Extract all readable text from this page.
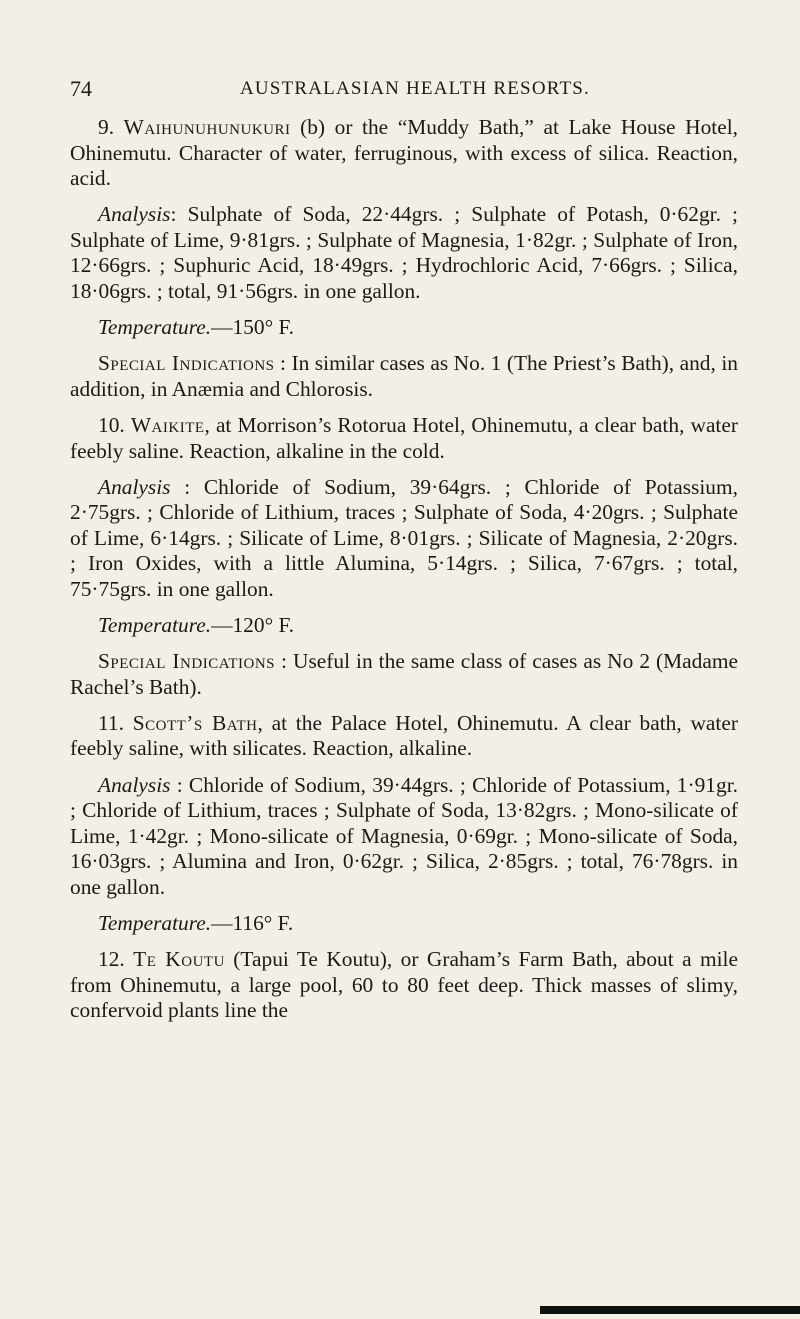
74	AUSTRALASIAN HEALTH RESORTS.

9. Waihunuhunukuri (b) or the “Muddy Bath,” at Lake House Hotel, Ohinemutu. Character of water, ferruginous, with excess of silica. Reaction, acid.

Analysis: Sulphate of Soda, 22·44grs. ; Sulphate of Potash, 0·62gr. ; Sulphate of Lime, 9·81grs. ; Sulphate of Magnesia, 1·82gr. ; Sulphate of Iron, 12·66grs. ; Suphuric Acid, 18·49grs. ; Hydrochloric Acid, 7·66grs. ; Silica, 18·06grs. ; total, 91·56grs. in one gallon.

Temperature.—150° F.

Special Indications : In similar cases as No. 1 (The Priest’s Bath), and, in addition, in Anæmia and Chlorosis.

10. Waikite, at Morrison’s Rotorua Hotel, Ohinemutu, a clear bath, water feebly saline. Reaction, alkaline in the cold.

Analysis : Chloride of Sodium, 39·64grs. ; Chloride of Potassium, 2·75grs. ; Chloride of Lithium, traces ; Sulphate of Soda, 4·20grs. ; Sulphate of Lime, 6·14grs. ; Silicate of Lime, 8·01grs. ; Silicate of Magnesia, 2·20grs. ; Iron Oxides, with a little Alumina, 5·14grs. ; Silica, 7·67grs. ; total, 75·75grs. in one gallon.

Temperature.—120° F.

Special Indications : Useful in the same class of cases as No 2 (Madame Rachel’s Bath).

11. Scott’s Bath, at the Palace Hotel, Ohinemutu. A clear bath, water feebly saline, with silicates. Reaction, alkaline.

Analysis : Chloride of Sodium, 39·44grs. ; Chloride of Potassium, 1·91gr. ; Chloride of Lithium, traces ; Sulphate of Soda, 13·82grs. ; Mono-silicate of Lime, 1·42gr. ; Mono-silicate of Magnesia, 0·69gr. ; Mono-silicate of Soda, 16·03grs. ; Alumina and Iron, 0·62gr. ; Silica, 2·85grs. ; total, 76·78grs. in one gallon.

Temperature.—116° F.

12. Te Koutu (Tapui Te Koutu), or Graham’s Farm Bath, about a mile from Ohinemutu, a large pool, 60 to 80 feet deep. Thick masses of slimy, confervoid plants line the
